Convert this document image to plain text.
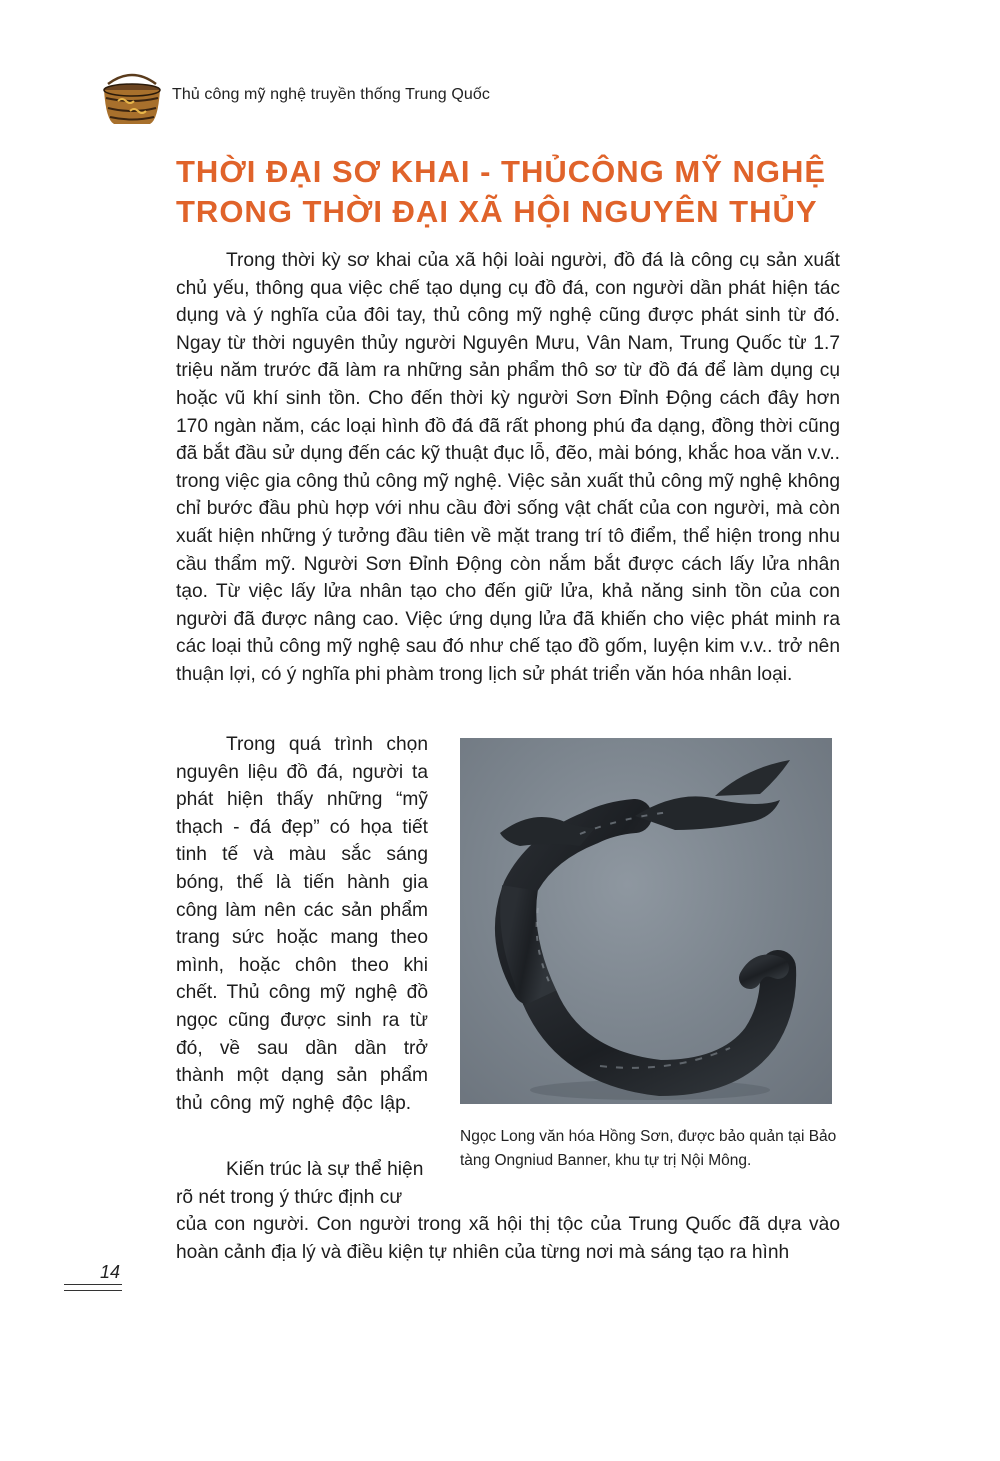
Thủ công mỹ nghệ truyền thống Trung Quốc
THỜI ĐẠI SƠ KHAI - THỦCÔNG MỸ NGHỆ
TRONG THỜI ĐẠI XÃ HỘI NGUYÊN THỦY

Trong thời kỳ sơ khai của xã hội loài người, đồ đá là công cụ sản xuất chủ yếu, thông qua việc chế tạo dụng cụ đồ đá, con người dần phát hiện tác dụng và ý nghĩa của đôi tay, thủ công mỹ nghệ cũng được phát sinh từ đó. Ngay từ thời nguyên thủy người Nguyên Mưu, Vân Nam, Trung Quốc từ 1.7 triệu năm trước đã làm ra những sản phẩm thô sơ từ đồ đá để làm dụng cụ hoặc vũ khí sinh tồn. Cho đến thời kỳ người Sơn Đỉnh Động cách đây hơn 170 ngàn năm, các loại hình đồ đá đã rất phong phú đa dạng, đồng thời cũng đã bắt đầu sử dụng đến các kỹ thuật đục lỗ, đẽo, mài bóng, khắc hoa văn v.v.. trong việc gia công thủ công mỹ nghệ. Việc sản xuất thủ công mỹ nghệ không chỉ bước đầu phù hợp với nhu cầu đời sống vật chất của con người, mà còn xuất hiện những ý tưởng đầu tiên về mặt trang trí tô điểm, thể hiện trong nhu cầu thẩm mỹ. Người Sơn Đỉnh Động còn nắm bắt được cách lấy lửa nhân tạo. Từ việc lấy lửa nhân tạo cho đến giữ lửa, khả năng sinh tồn của con người đã được nâng cao. Việc ứng dụng lửa đã khiến cho việc phát minh ra các loại thủ công mỹ nghệ sau đó như chế tạo đồ gốm, luyện kim v.v.. trở nên thuận lợi, có ý nghĩa phi phàm trong lịch sử phát triển văn hóa nhân loại.

Trong quá trình chọn nguyên liệu đồ đá, người ta phát hiện thấy những “mỹ thạch - đá đẹp” có họa tiết tinh tế và màu sắc sáng bóng, thế là tiến hành gia công làm nên các sản phẩm trang sức hoặc mang theo mình, hoặc chôn theo khi chết. Thủ công mỹ nghệ đồ ngọc cũng được sinh ra từ đó, về sau dần dần trở thành một dạng sản phẩm thủ công mỹ nghệ độc lập.

Ngọc Long văn hóa Hồng Sơn, được bảo quản tại Bảo tàng Ongniud Banner, khu tự trị Nội Mông.

Kiến trúc là sự thể hiện rõ nét trong ý thức định cư

của con người. Con người trong xã hội thị tộc của Trung Quốc đã dựa vào hoàn cảnh địa lý và điều kiện tự nhiên của từng nơi mà sáng tạo ra hình

14
